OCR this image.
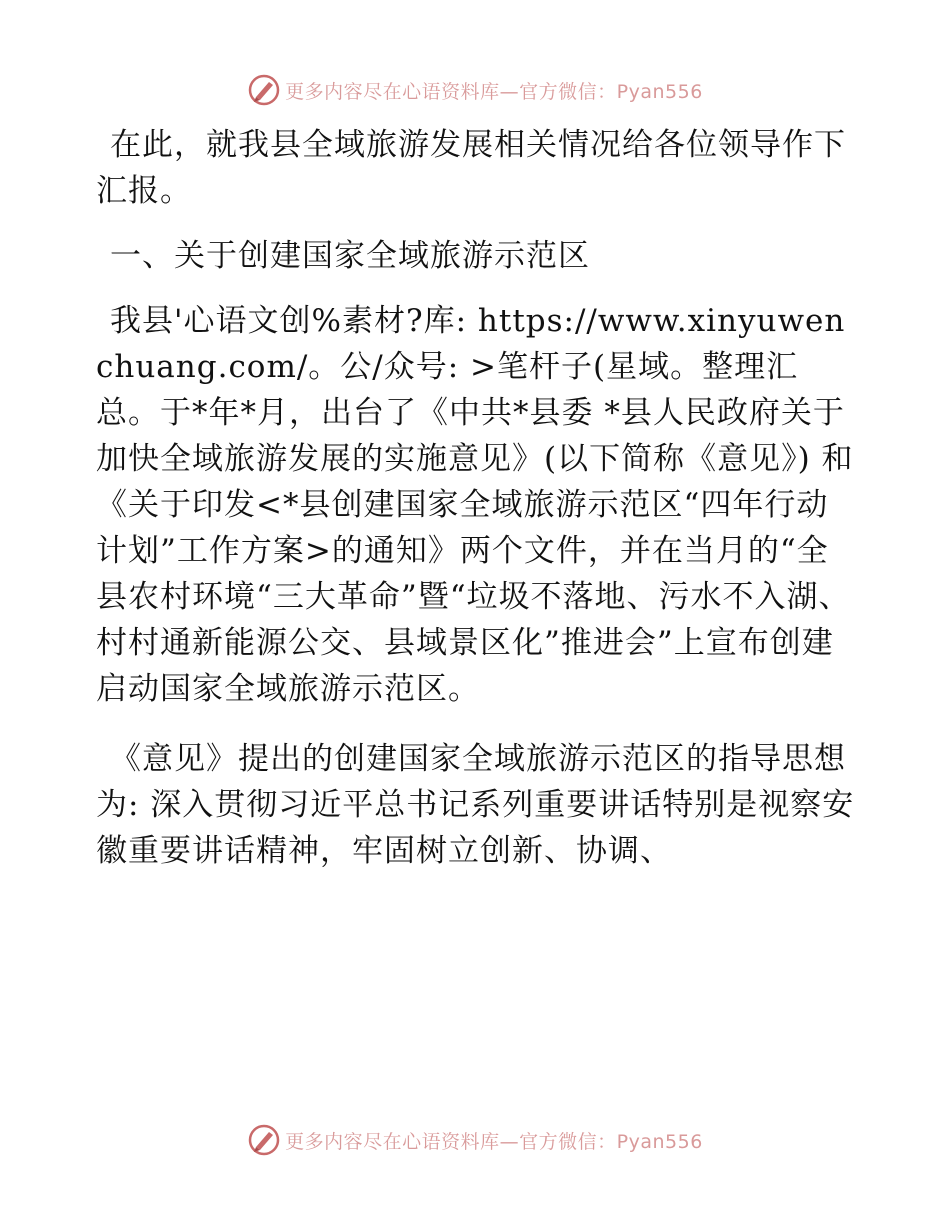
更多内容尽在心语资料库—官方微信：Pyan556

在此，就我县全域旅游发展相关情况给各位领导作下汇报。

一、关于创建国家全域旅游示范区

我县'心语文创%素材?库: https://www.xinyuwenchuang.com/。公/众号: >笔杆子(星域。整理汇总。于*年*月，出台了《中共*县委 *县人民政府关于加快全域旅游发展的实施意见》(以下简称《意见》) 和《关于印发<*县创建国家全域旅游示范区“四年行动计划”工作方案>的通知》两个文件，并在当月的“全县农村环境“三大革命”暨“垃圾不落地、污水不入湖、村村通新能源公交、县域景区化”推进会”上宣布创建启动国家全域旅游示范区。

《意见》提出的创建国家全域旅游示范区的指导思想为: 深入贯彻习近平总书记系列重要讲话特别是视察安徽重要讲话精神，牢固树立创新、协调、

更多内容尽在心语资料库—官方微信：Pyan556
